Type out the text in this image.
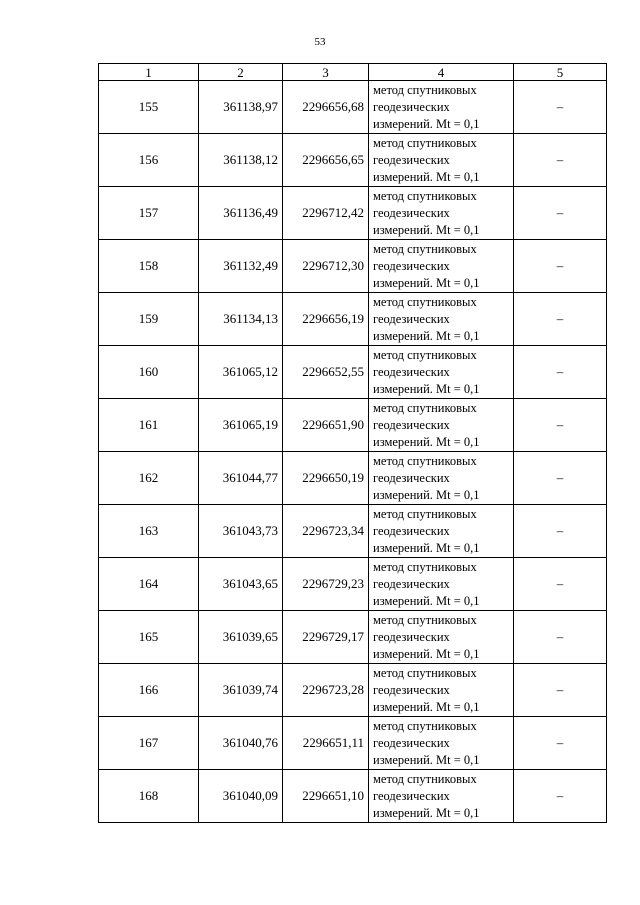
53
1	2	3	4	5
155	361138,97	2296656,68	метод спутниковых
геодезических
измерений. Mt = 0,1	–
156	361138,12	2296656,65	метод спутниковых
геодезических
измерений. Mt = 0,1	–
157	361136,49	2296712,42	метод спутниковых
геодезических
измерений. Mt = 0,1	–
158	361132,49	2296712,30	метод спутниковых
геодезических
измерений. Mt = 0,1	–
159	361134,13	2296656,19	метод спутниковых
геодезических
измерений. Mt = 0,1	–
160	361065,12	2296652,55	метод спутниковых
геодезических
измерений. Mt = 0,1	–
161	361065,19	2296651,90	метод спутниковых
геодезических
измерений. Mt = 0,1	–
162	361044,77	2296650,19	метод спутниковых
геодезических
измерений. Mt = 0,1	–
163	361043,73	2296723,34	метод спутниковых
геодезических
измерений. Mt = 0,1	–
164	361043,65	2296729,23	метод спутниковых
геодезических
измерений. Mt = 0,1	–
165	361039,65	2296729,17	метод спутниковых
геодезических
измерений. Mt = 0,1	–
166	361039,74	2296723,28	метод спутниковых
геодезических
измерений. Mt = 0,1	–
167	361040,76	2296651,11	метод спутниковых
геодезических
измерений. Mt = 0,1	–
168	361040,09	2296651,10	метод спутниковых
геодезических
измерений. Mt = 0,1	–
